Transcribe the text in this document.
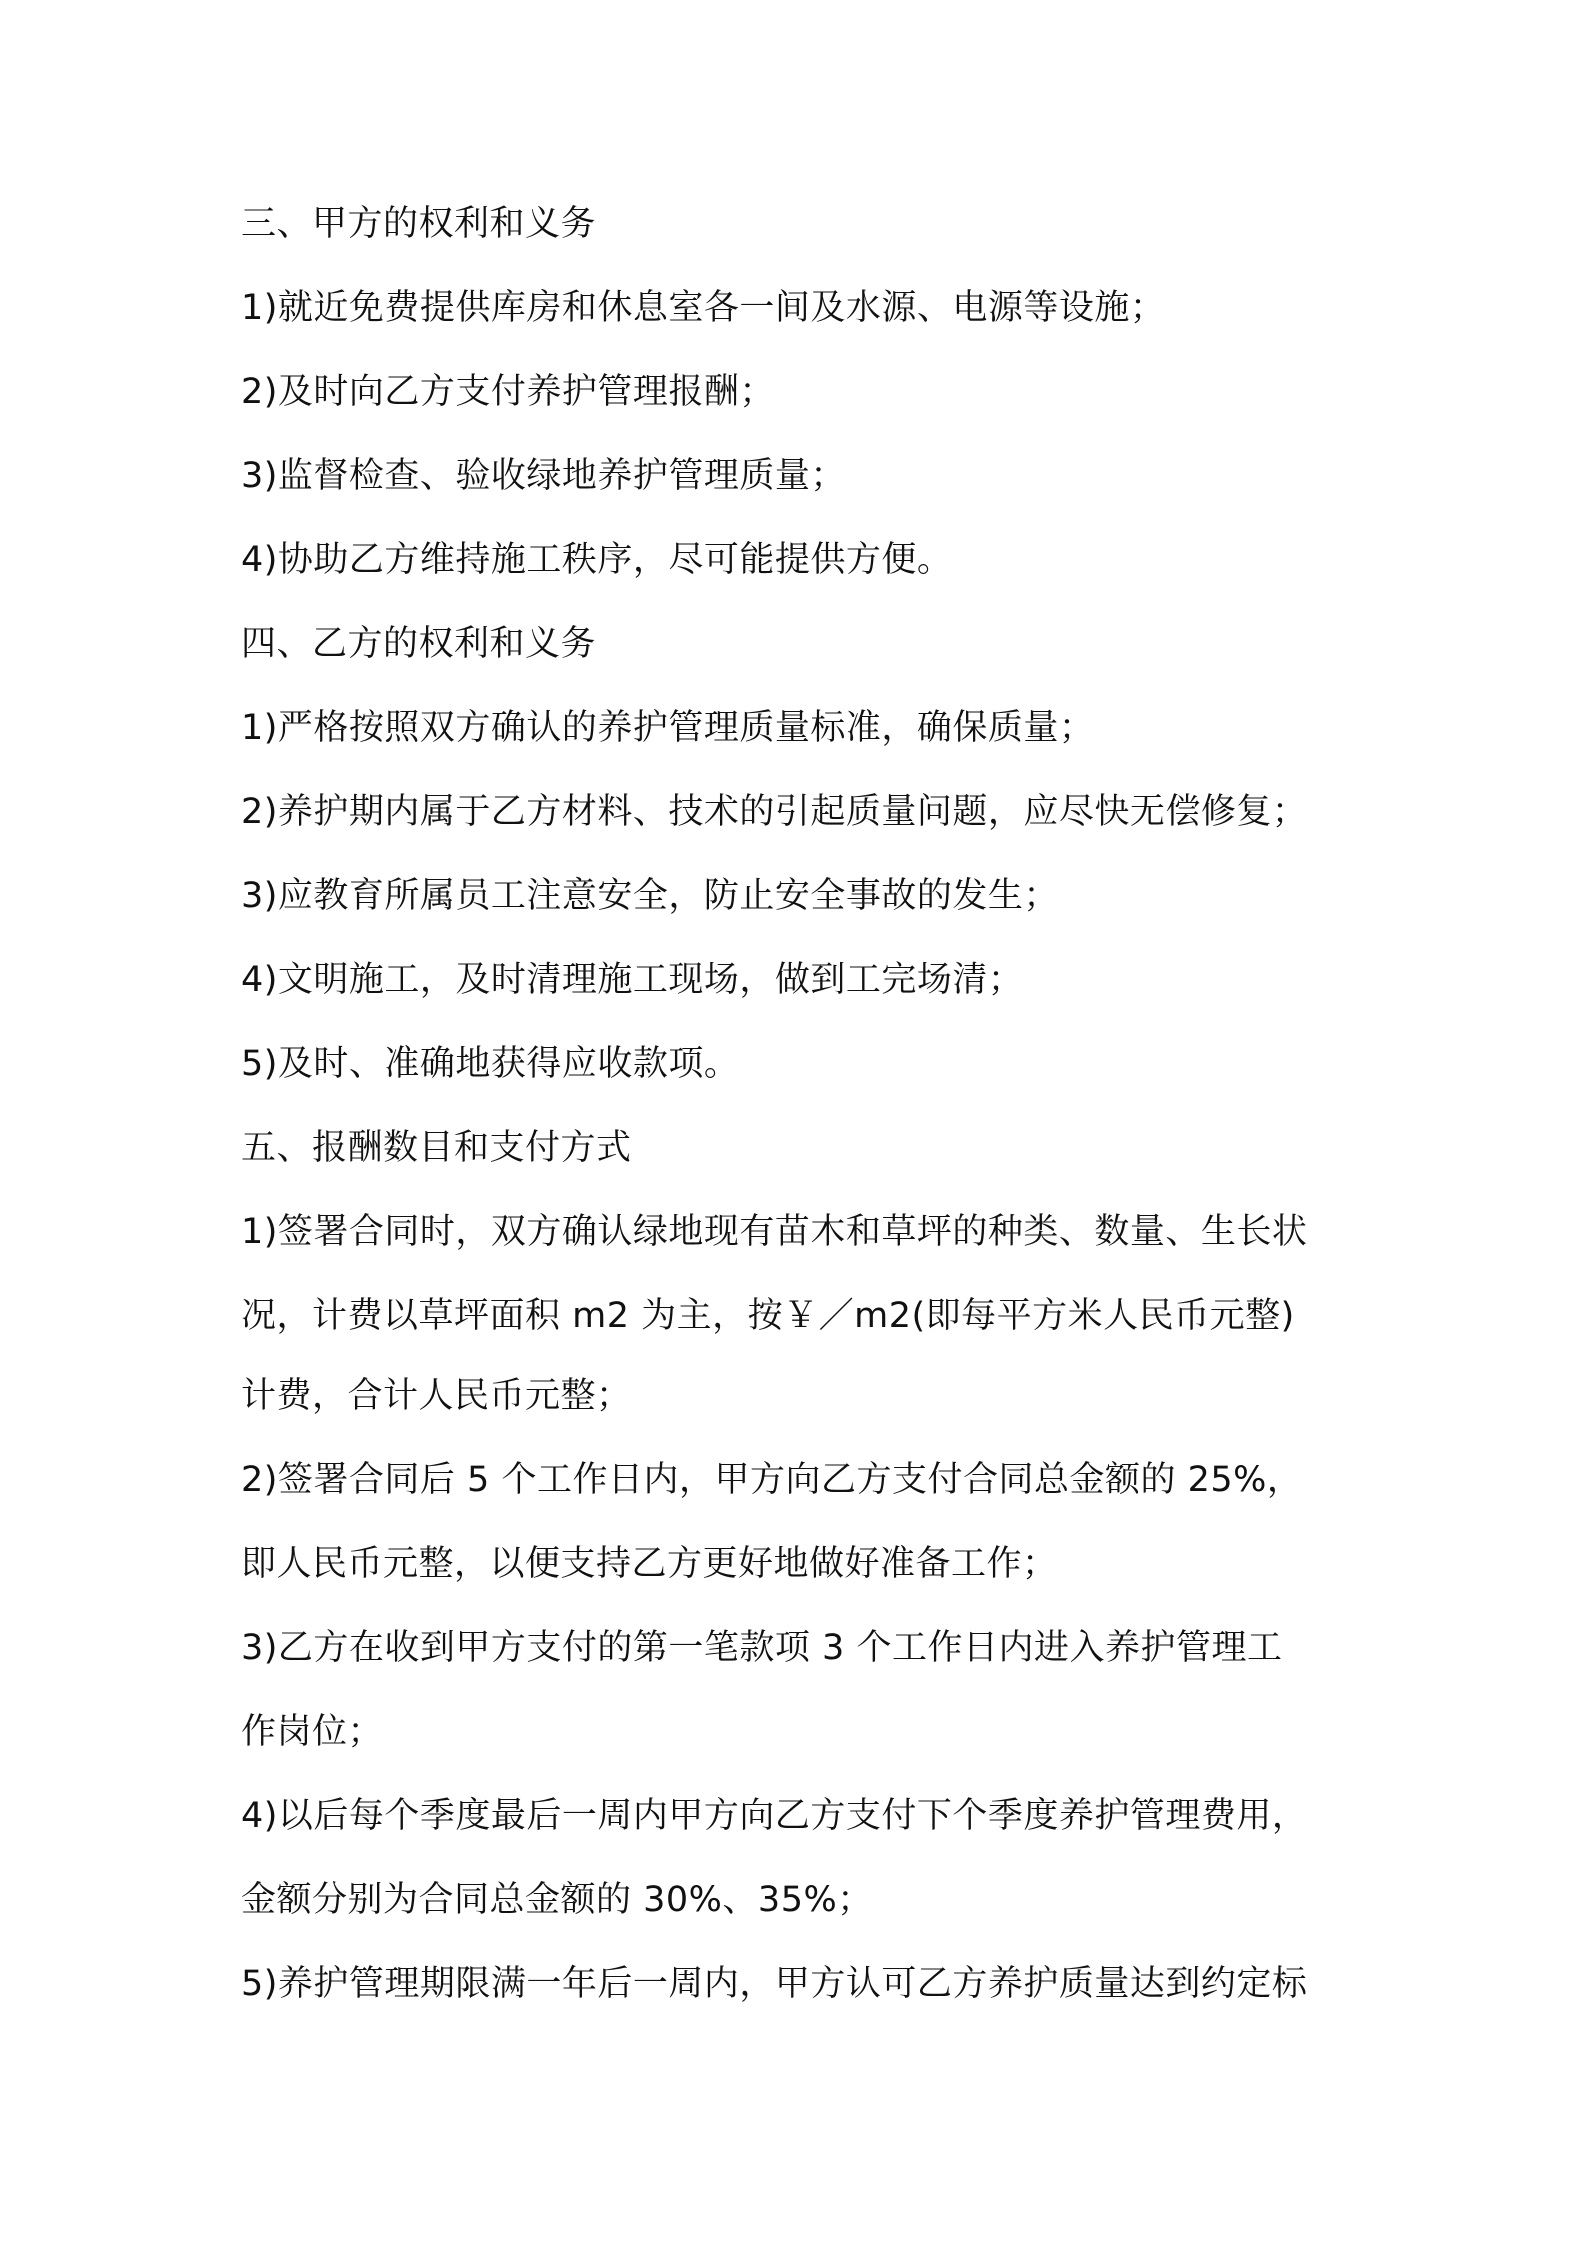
三、甲方的权利和义务
1)就近免费提供库房和休息室各一间及水源、电源等设施；
2)及时向乙方支付养护管理报酬；
3)监督检查、验收绿地养护管理质量；
4)协助乙方维持施工秩序，尽可能提供方便。
四、乙方的权利和义务
1)严格按照双方确认的养护管理质量标准，确保质量；
2)养护期内属于乙方材料、技术的引起质量问题，应尽快无偿修复；
3)应教育所属员工注意安全，防止安全事故的发生；
4)文明施工，及时清理施工现场，做到工完场清；
5)及时、准确地获得应收款项。
五、报酬数目和支付方式
1)签署合同时，双方确认绿地现有苗木和草坪的种类、数量、生长状
况，计费以草坪面积 m2 为主，按￥／m2(即每平方米人民币元整)
计费，合计人民币元整；
2)签署合同后 5 个工作日内，甲方向乙方支付合同总金额的 25%，
即人民币元整，以便支持乙方更好地做好准备工作；
3)乙方在收到甲方支付的第一笔款项 3 个工作日内进入养护管理工
作岗位；
4)以后每个季度最后一周内甲方向乙方支付下个季度养护管理费用，
金额分别为合同总金额的 30%、35%；
5)养护管理期限满一年后一周内，甲方认可乙方养护质量达到约定标
